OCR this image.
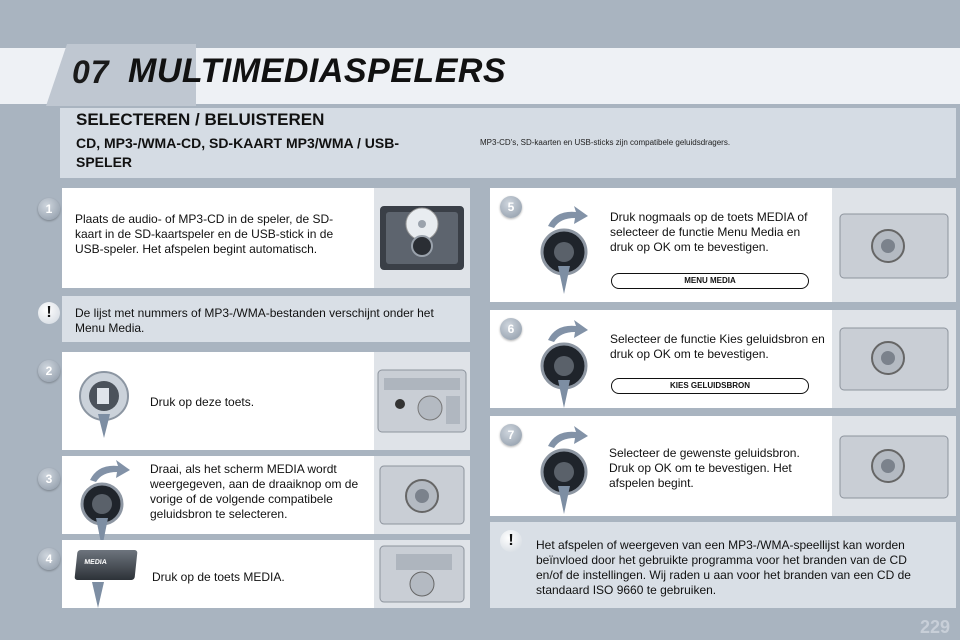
07 MULTIMEDIASPELERS
SELECTEREN / BELUISTEREN
CD, MP3-/WMA-CD, SD-KAART MP3/WMA / USB-SPELER
MP3-CD's, SD-kaarten en USB-sticks zijn compatibele geluidsdragers.
1
Plaats de audio- of MP3-CD in de speler, de SD-kaart in de SD-kaartspeler en de USB-stick in de USB-speler. Het afspelen begint automatisch.
!	De lijst met nummers of MP3-/WMA-bestanden verschijnt onder het Menu Media.
2
Druk op deze toets.
3
Draai, als het scherm MEDIA wordt weergegeven, aan de draaiknop om de vorige of de volgende compatibele geluidsbron te selecteren.
4	MEDIA
Druk op de toets MEDIA.
5
Druk nogmaals op de toets MEDIA of selecteer de functie Menu Media en druk op OK om te bevestigen.
MENU MEDIA
6
Selecteer de functie Kies geluidsbron en druk op OK om te bevestigen.
KIES GELUIDSBRON
7
Selecteer de gewenste geluidsbron. Druk op OK om te bevestigen. Het afspelen begint.
!	Het afspelen of weergeven van een MP3-/WMA-speellijst kan worden beïnvloed door het gebruikte programma voor het branden van de CD en/of de instellingen. Wij raden u aan voor het branden van een CD de standaard ISO 9660 te gebruiken.
229
